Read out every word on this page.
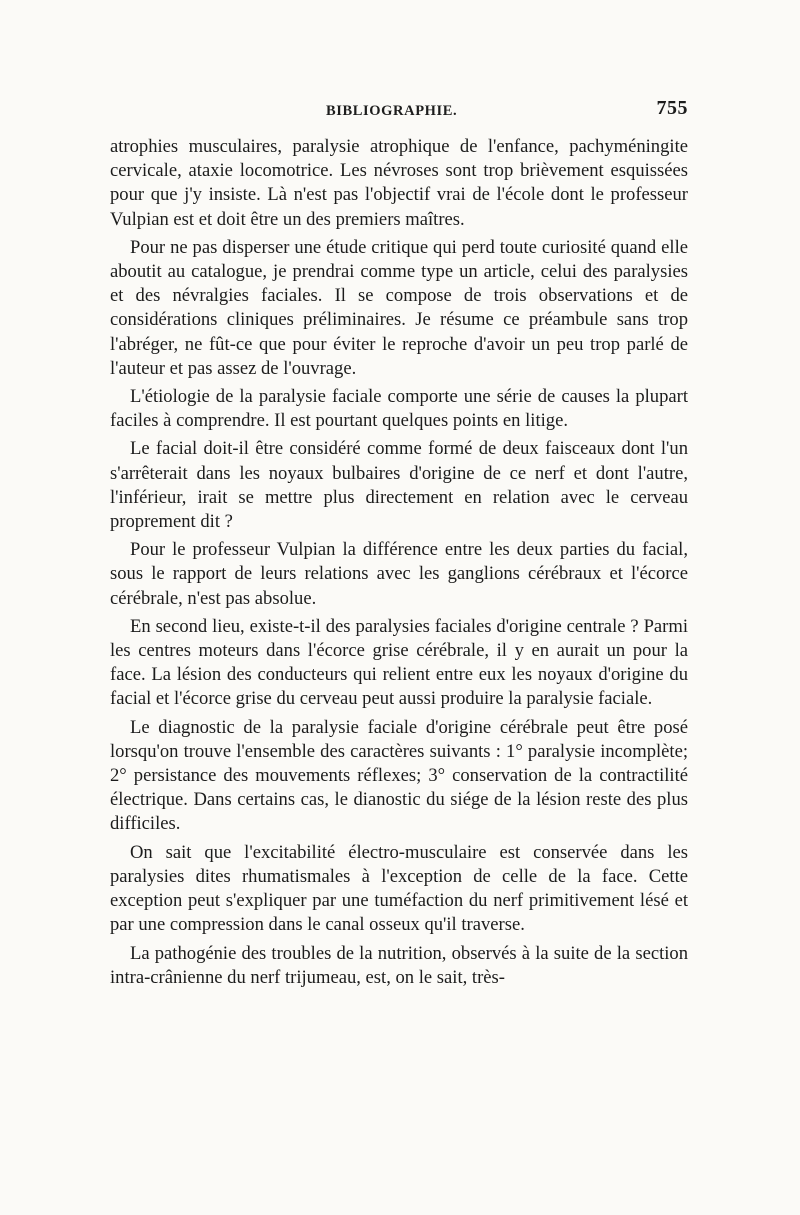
BIBLIOGRAPHIE.	755

atrophies musculaires, paralysie atrophique de l'enfance, pachyméningite cervicale, ataxie locomotrice. Les névroses sont trop brièvement esquissées pour que j'y insiste. Là n'est pas l'objectif vrai de l'école dont le professeur Vulpian est et doit être un des premiers maîtres.

Pour ne pas disperser une étude critique qui perd toute curiosité quand elle aboutit au catalogue, je prendrai comme type un article, celui des paralysies et des névralgies faciales. Il se compose de trois observations et de considérations cliniques préliminaires. Je résume ce préambule sans trop l'abréger, ne fût-ce que pour éviter le reproche d'avoir un peu trop parlé de l'auteur et pas assez de l'ouvrage.

L'étiologie de la paralysie faciale comporte une série de causes la plupart faciles à comprendre. Il est pourtant quelques points en litige.

Le facial doit-il être considéré comme formé de deux faisceaux dont l'un s'arrêterait dans les noyaux bulbaires d'origine de ce nerf et dont l'autre, l'inférieur, irait se mettre plus directement en relation avec le cerveau proprement dit ?

Pour le professeur Vulpian la différence entre les deux parties du facial, sous le rapport de leurs relations avec les ganglions cérébraux et l'écorce cérébrale, n'est pas absolue.

En second lieu, existe-t-il des paralysies faciales d'origine centrale ? Parmi les centres moteurs dans l'écorce grise cérébrale, il y en aurait un pour la face. La lésion des conducteurs qui relient entre eux les noyaux d'origine du facial et l'écorce grise du cerveau peut aussi produire la paralysie faciale.

Le diagnostic de la paralysie faciale d'origine cérébrale peut être posé lorsqu'on trouve l'ensemble des caractères suivants : 1° paralysie incomplète; 2° persistance des mouvements réflexes; 3° conservation de la contractilité électrique. Dans certains cas, le dianostic du siége de la lésion reste des plus difficiles.

On sait que l'excitabilité électro-musculaire est conservée dans les paralysies dites rhumatismales à l'exception de celle de la face. Cette exception peut s'expliquer par une tuméfaction du nerf primitivement lésé et par une compression dans le canal osseux qu'il traverse.

La pathogénie des troubles de la nutrition, observés à la suite de la section intra-crânienne du nerf trijumeau, est, on le sait, très-
